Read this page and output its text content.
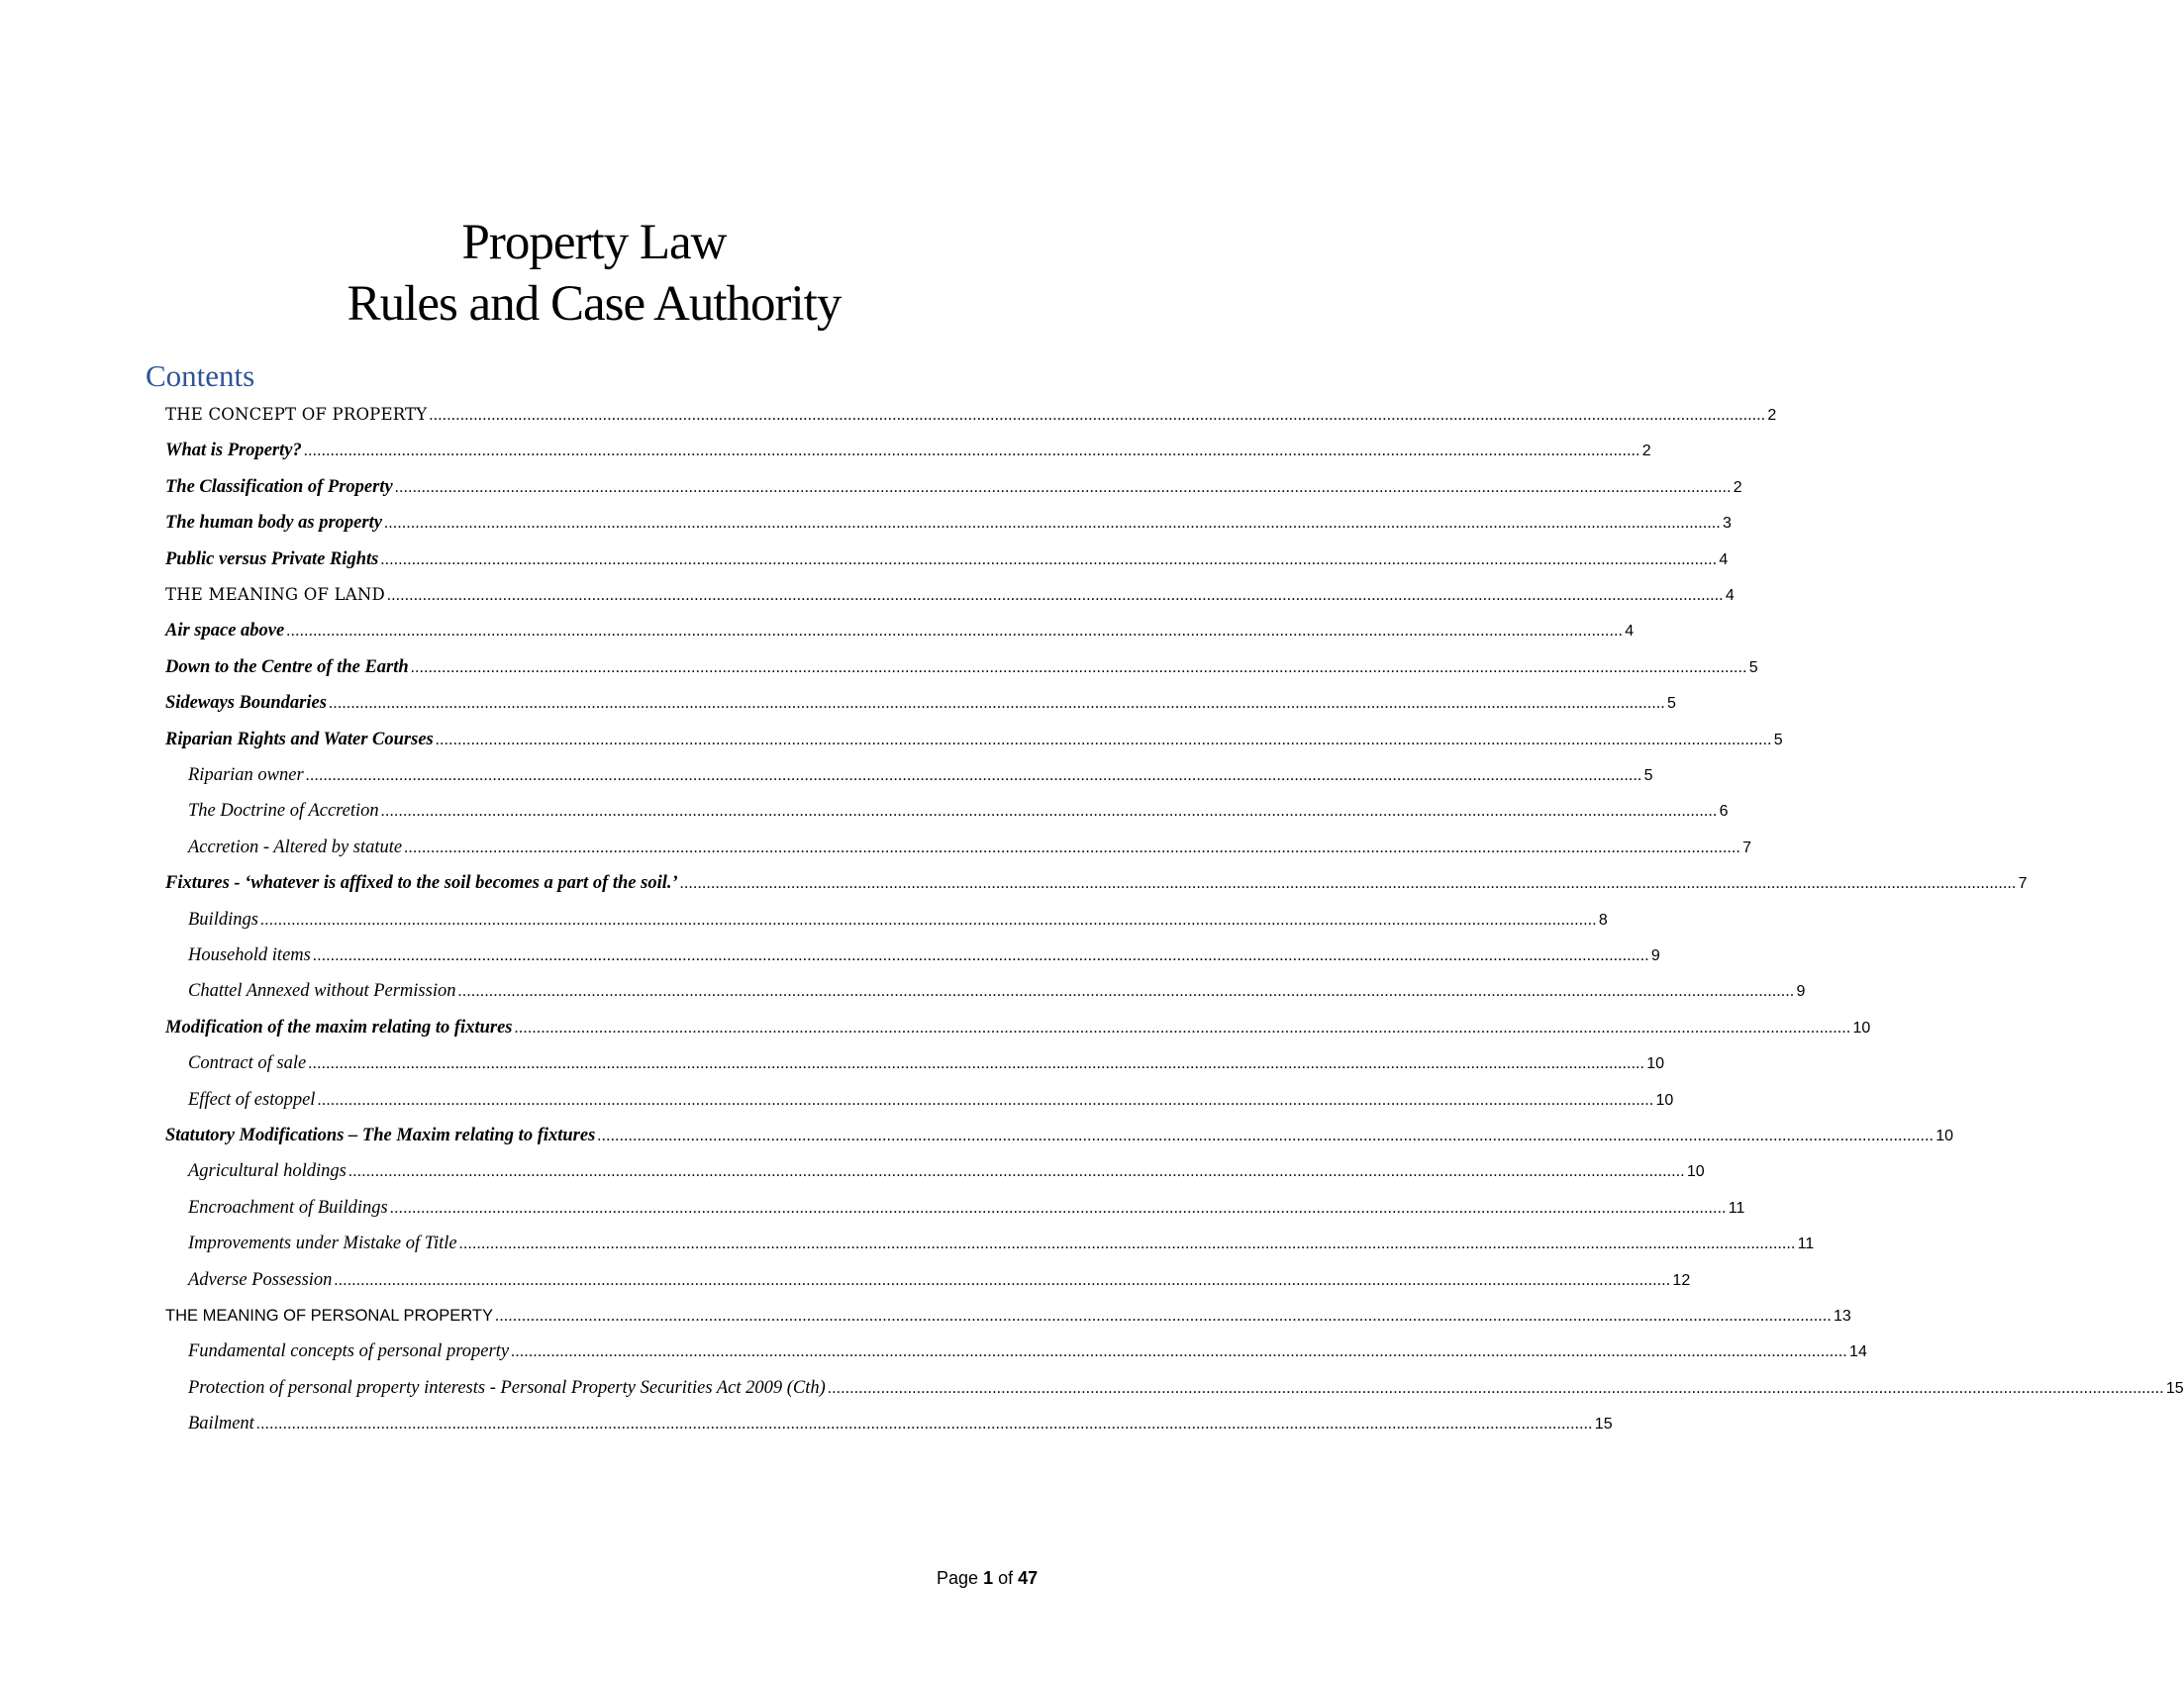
Property Law
Rules and Case Authority
Contents
THE CONCEPT OF PROPERTY ............................................................................................................................................................................................................................................................................................................ 2
What is Property? ............................................................................................................................................................................................................................................................................................................ 2
The Classification of Property ............................................................................................................................................................................................................................................................................................................ 2
The human body as property ............................................................................................................................................................................................................................................................................................................ 3
Public versus Private Rights ............................................................................................................................................................................................................................................................................................................ 4
THE MEANING OF LAND ............................................................................................................................................................................................................................................................................................................ 4
Air space above ............................................................................................................................................................................................................................................................................................................ 4
Down to the Centre of the Earth ............................................................................................................................................................................................................................................................................................................ 5
Sideways Boundaries ............................................................................................................................................................................................................................................................................................................ 5
Riparian Rights and Water Courses ............................................................................................................................................................................................................................................................................................................ 5
Riparian owner ............................................................................................................................................................................................................................................................................................................ 5
The Doctrine of Accretion ............................................................................................................................................................................................................................................................................................................ 6
Accretion - Altered by statute ............................................................................................................................................................................................................................................................................................................ 7
Fixtures - ‘whatever is affixed to the soil becomes a part of the soil.’ ............................................................................................................................................................................................................................................................................................................ 7
Buildings ............................................................................................................................................................................................................................................................................................................ 8
Household items ............................................................................................................................................................................................................................................................................................................ 9
Chattel Annexed without Permission ............................................................................................................................................................................................................................................................................................................ 9
Modification of the maxim relating to fixtures ............................................................................................................................................................................................................................................................................................................ 10
Contract of sale ............................................................................................................................................................................................................................................................................................................ 10
Effect of estoppel ............................................................................................................................................................................................................................................................................................................ 10
Statutory Modifications – The Maxim relating to fixtures ............................................................................................................................................................................................................................................................................................................ 10
Agricultural holdings ............................................................................................................................................................................................................................................................................................................ 10
Encroachment of Buildings ............................................................................................................................................................................................................................................................................................................ 11
Improvements under Mistake of Title ............................................................................................................................................................................................................................................................................................................ 11
Adverse Possession ............................................................................................................................................................................................................................................................................................................ 12
THE MEANING OF PERSONAL PROPERTY ............................................................................................................................................................................................................................................................................................................ 13
Fundamental concepts of personal property ............................................................................................................................................................................................................................................................................................................ 14
Protection of personal property interests - Personal Property Securities Act 2009 (Cth) ............................................................................................................................................................................................................................................................................................................ 15
Bailment ............................................................................................................................................................................................................................................................................................................ 15
Page 1 of 47
